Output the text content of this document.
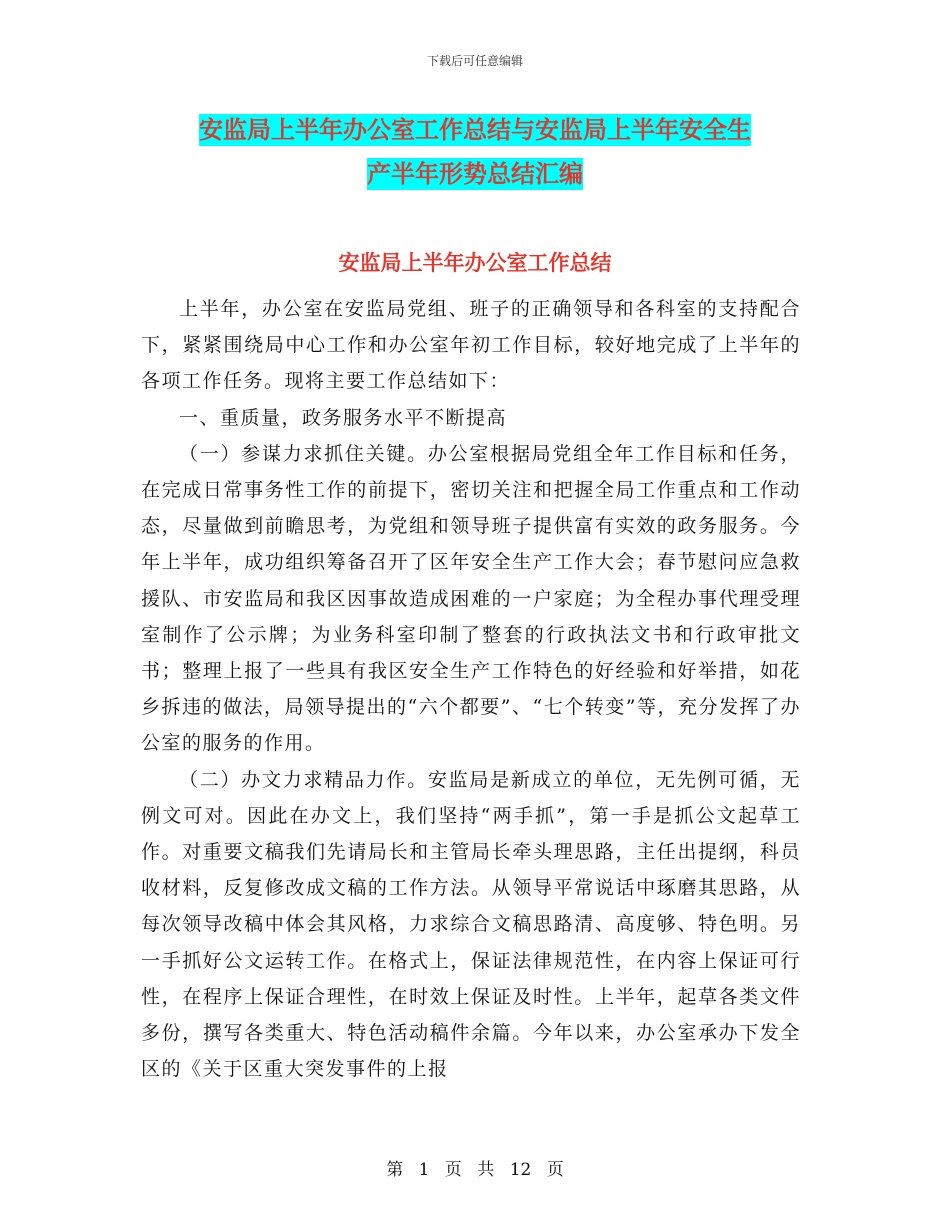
下载后可任意编辑
安监局上半年办公室工作总结与安监局上半年安全生
产半年形势总结汇编
安监局上半年办公室工作总结

上半年，办公室在安监局党组、班子的正确领导和各科室的支持配合下，紧紧围绕局中心工作和办公室年初工作目标，较好地完成了上半年的各项工作任务。现将主要工作总结如下：

一、重质量，政务服务水平不断提高

（一）参谋力求抓住关键。办公室根据局党组全年工作目标和任务，在完成日常事务性工作的前提下，密切关注和把握全局工作重点和工作动态，尽量做到前瞻思考，为党组和领导班子提供富有实效的政务服务。今年上半年，成功组织筹备召开了区年安全生产工作大会；春节慰问应急救援队、市安监局和我区因事故造成困难的一户家庭；为全程办事代理受理室制作了公示牌；为业务科室印制了整套的行政执法文书和行政审批文书；整理上报了一些具有我区安全生产工作特色的好经验和好举措，如花乡拆违的做法，局领导提出的“六个都要”、“七个转变”等，充分发挥了办公室的服务的作用。

（二）办文力求精品力作。安监局是新成立的单位，无先例可循，无例文可对。因此在办文上，我们坚持“两手抓”，第一手是抓公文起草工作。对重要文稿我们先请局长和主管局长牵头理思路，主任出提纲，科员收材料，反复修改成文稿的工作方法。从领导平常说话中琢磨其思路，从每次领导改稿中体会其风格，力求综合文稿思路清、高度够、特色明。另一手抓好公文运转工作。在格式上，保证法律规范性，在内容上保证可行性，在程序上保证合理性，在时效上保证及时性。上半年，起草各类文件多份，撰写各类重大、特色活动稿件余篇。今年以来，办公室承办下发全区的《关于区重大突发事件的上报

第 1 页 共 12 页
